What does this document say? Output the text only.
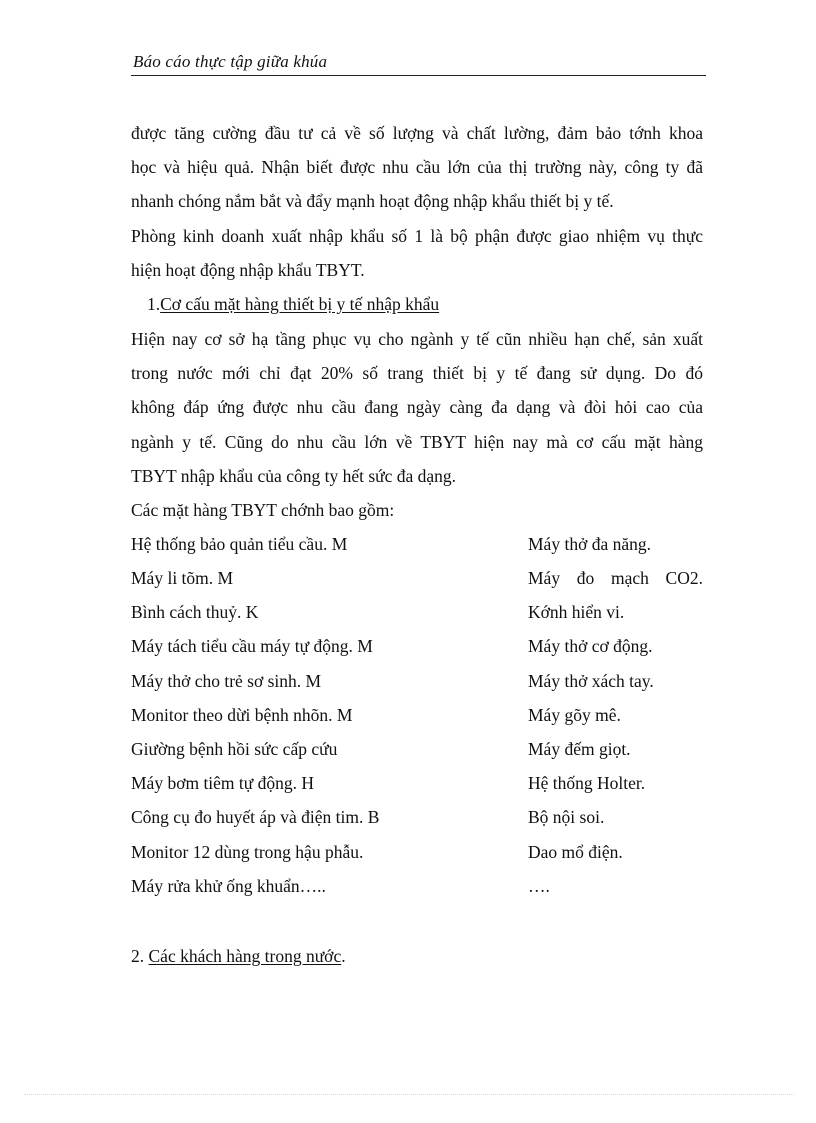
Báo cáo thực tập giữa khúa
được tăng cường đầu tư cả về số lượng và chất lường, đảm bảo tớnh khoa
học và hiệu quả. Nhận biết được nhu cầu lớn của thị trường này, công ty đã
nhanh chóng nắm bắt và đẩy mạnh hoạt động nhập khẩu thiết bị y tế.
Phòng kinh doanh xuất nhập khẩu số 1 là bộ phận được giao nhiệm vụ thực
hiện hoạt động nhập khẩu TBYT.
1.Cơ cấu mặt hàng thiết bị y tế nhập khẩu
Hiện nay cơ sở hạ tầng phục vụ cho ngành y tế cũn nhiều hạn chế, sản xuất
trong nước mới chỉ đạt 20% số trang thiết bị y tế đang sử dụng. Do đó
không đáp ứng được nhu cầu đang ngày càng đa dạng và đòi hỏi cao của
ngành y tế. Cũng do nhu cầu lớn về TBYT hiện nay mà cơ cấu mặt hàng
TBYT nhập khẩu của công ty hết sức đa dạng.
Các mặt hàng TBYT chớnh bao gồm:
Hệ thống bảo quản tiểu cầu. M	Máy thở đa năng.
Máy li tõm. M	Máy đo mạch CO2.
Bình cách thuỷ. K	Kớnh hiển vi.
Máy tách tiểu cầu máy tự động. M	Máy thở cơ động.
Máy thở cho trẻ sơ sinh. M	Máy thở xách tay.
Monitor theo dừi bệnh nhõn. M	Máy gõy mê.
Giường bệnh hồi sức cấp cứu	Máy đếm giọt.
Máy bơm tiêm tự động. H	Hệ thống Holter.
Công cụ đo huyết áp và điện tim. B	Bộ nội soi.
Monitor 12 dùng trong hậu phẫu.	Dao mổ điện.
Máy rửa khử ống khuẩn…..	….
2. Các khách hàng trong nước.
